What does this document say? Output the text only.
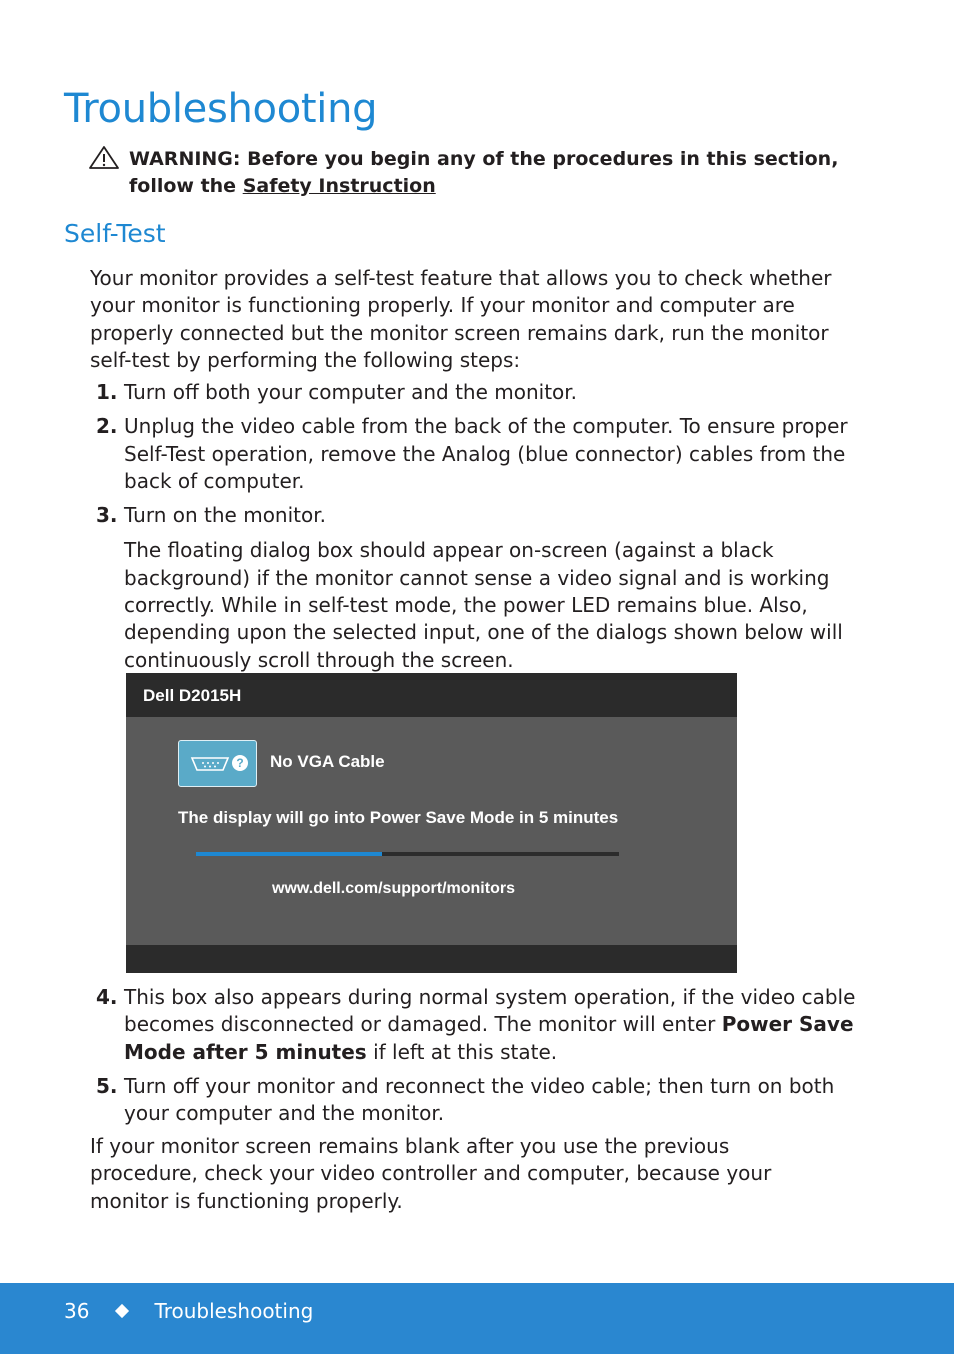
Troubleshooting
WARNING: Before you begin any of the procedures in this section, follow the Safety Instruction
Self-Test

Your monitor provides a self-test feature that allows you to check whether your monitor is functioning properly. If your monitor and computer are properly connected but the monitor screen remains dark, run the monitor self-test by performing the following steps:

1. Turn off both your computer and the monitor.
2. Unplug the video cable from the back of the computer. To ensure proper Self-Test operation, remove the Analog (blue connector) cables from the back of computer.
3. Turn on the monitor.
The floating dialog box should appear on-screen (against a black background) if the monitor cannot sense a video signal and is working correctly. While in self-test mode, the power LED remains blue. Also, depending upon the selected input, one of the dialogs shown below will continuously scroll through the screen.
Dell D2015H
? No VGA Cable
The display will go into Power Save Mode in 5 minutes
www.dell.com/support/monitors
4. This box also appears during normal system operation, if the video cable becomes disconnected or damaged. The monitor will enter Power Save Mode after 5 minutes if left at this state.
5. Turn off your monitor and reconnect the video cable; then turn on both your computer and the monitor.

If your monitor screen remains blank after you use the previous procedure, check your video controller and computer, because your monitor is functioning properly.

36	Troubleshooting
